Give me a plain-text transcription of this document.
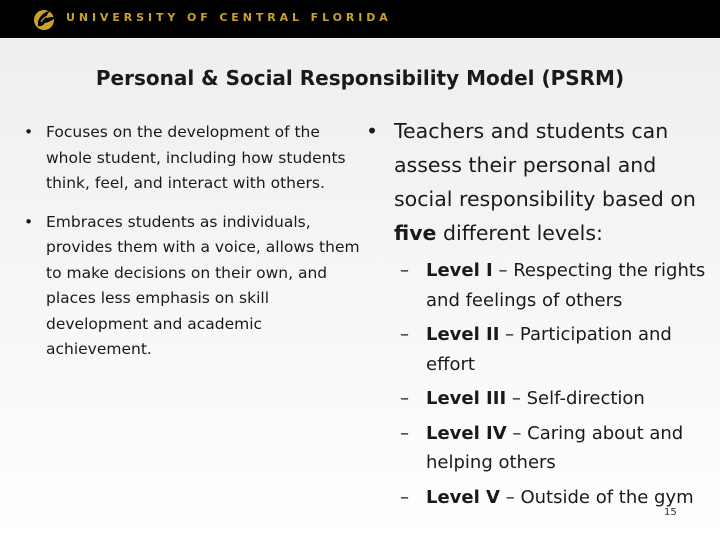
UNIVERSITY OF CENTRAL FLORIDA
Personal & Social Responsibility Model (PSRM)
• Focuses on the development of the whole student, including how students think, feel, and interact with others.
• Embraces students as individuals, provides them with a voice, allows them to make decisions on their own, and places less emphasis on skill development and academic achievement.
• Teachers and students can assess their personal and social responsibility based on five different levels:
– Level I – Respecting the rights and feelings of others
– Level II – Participation and effort
– Level III – Self-direction
– Level IV – Caring about and helping others
– Level V – Outside of the gym
15
